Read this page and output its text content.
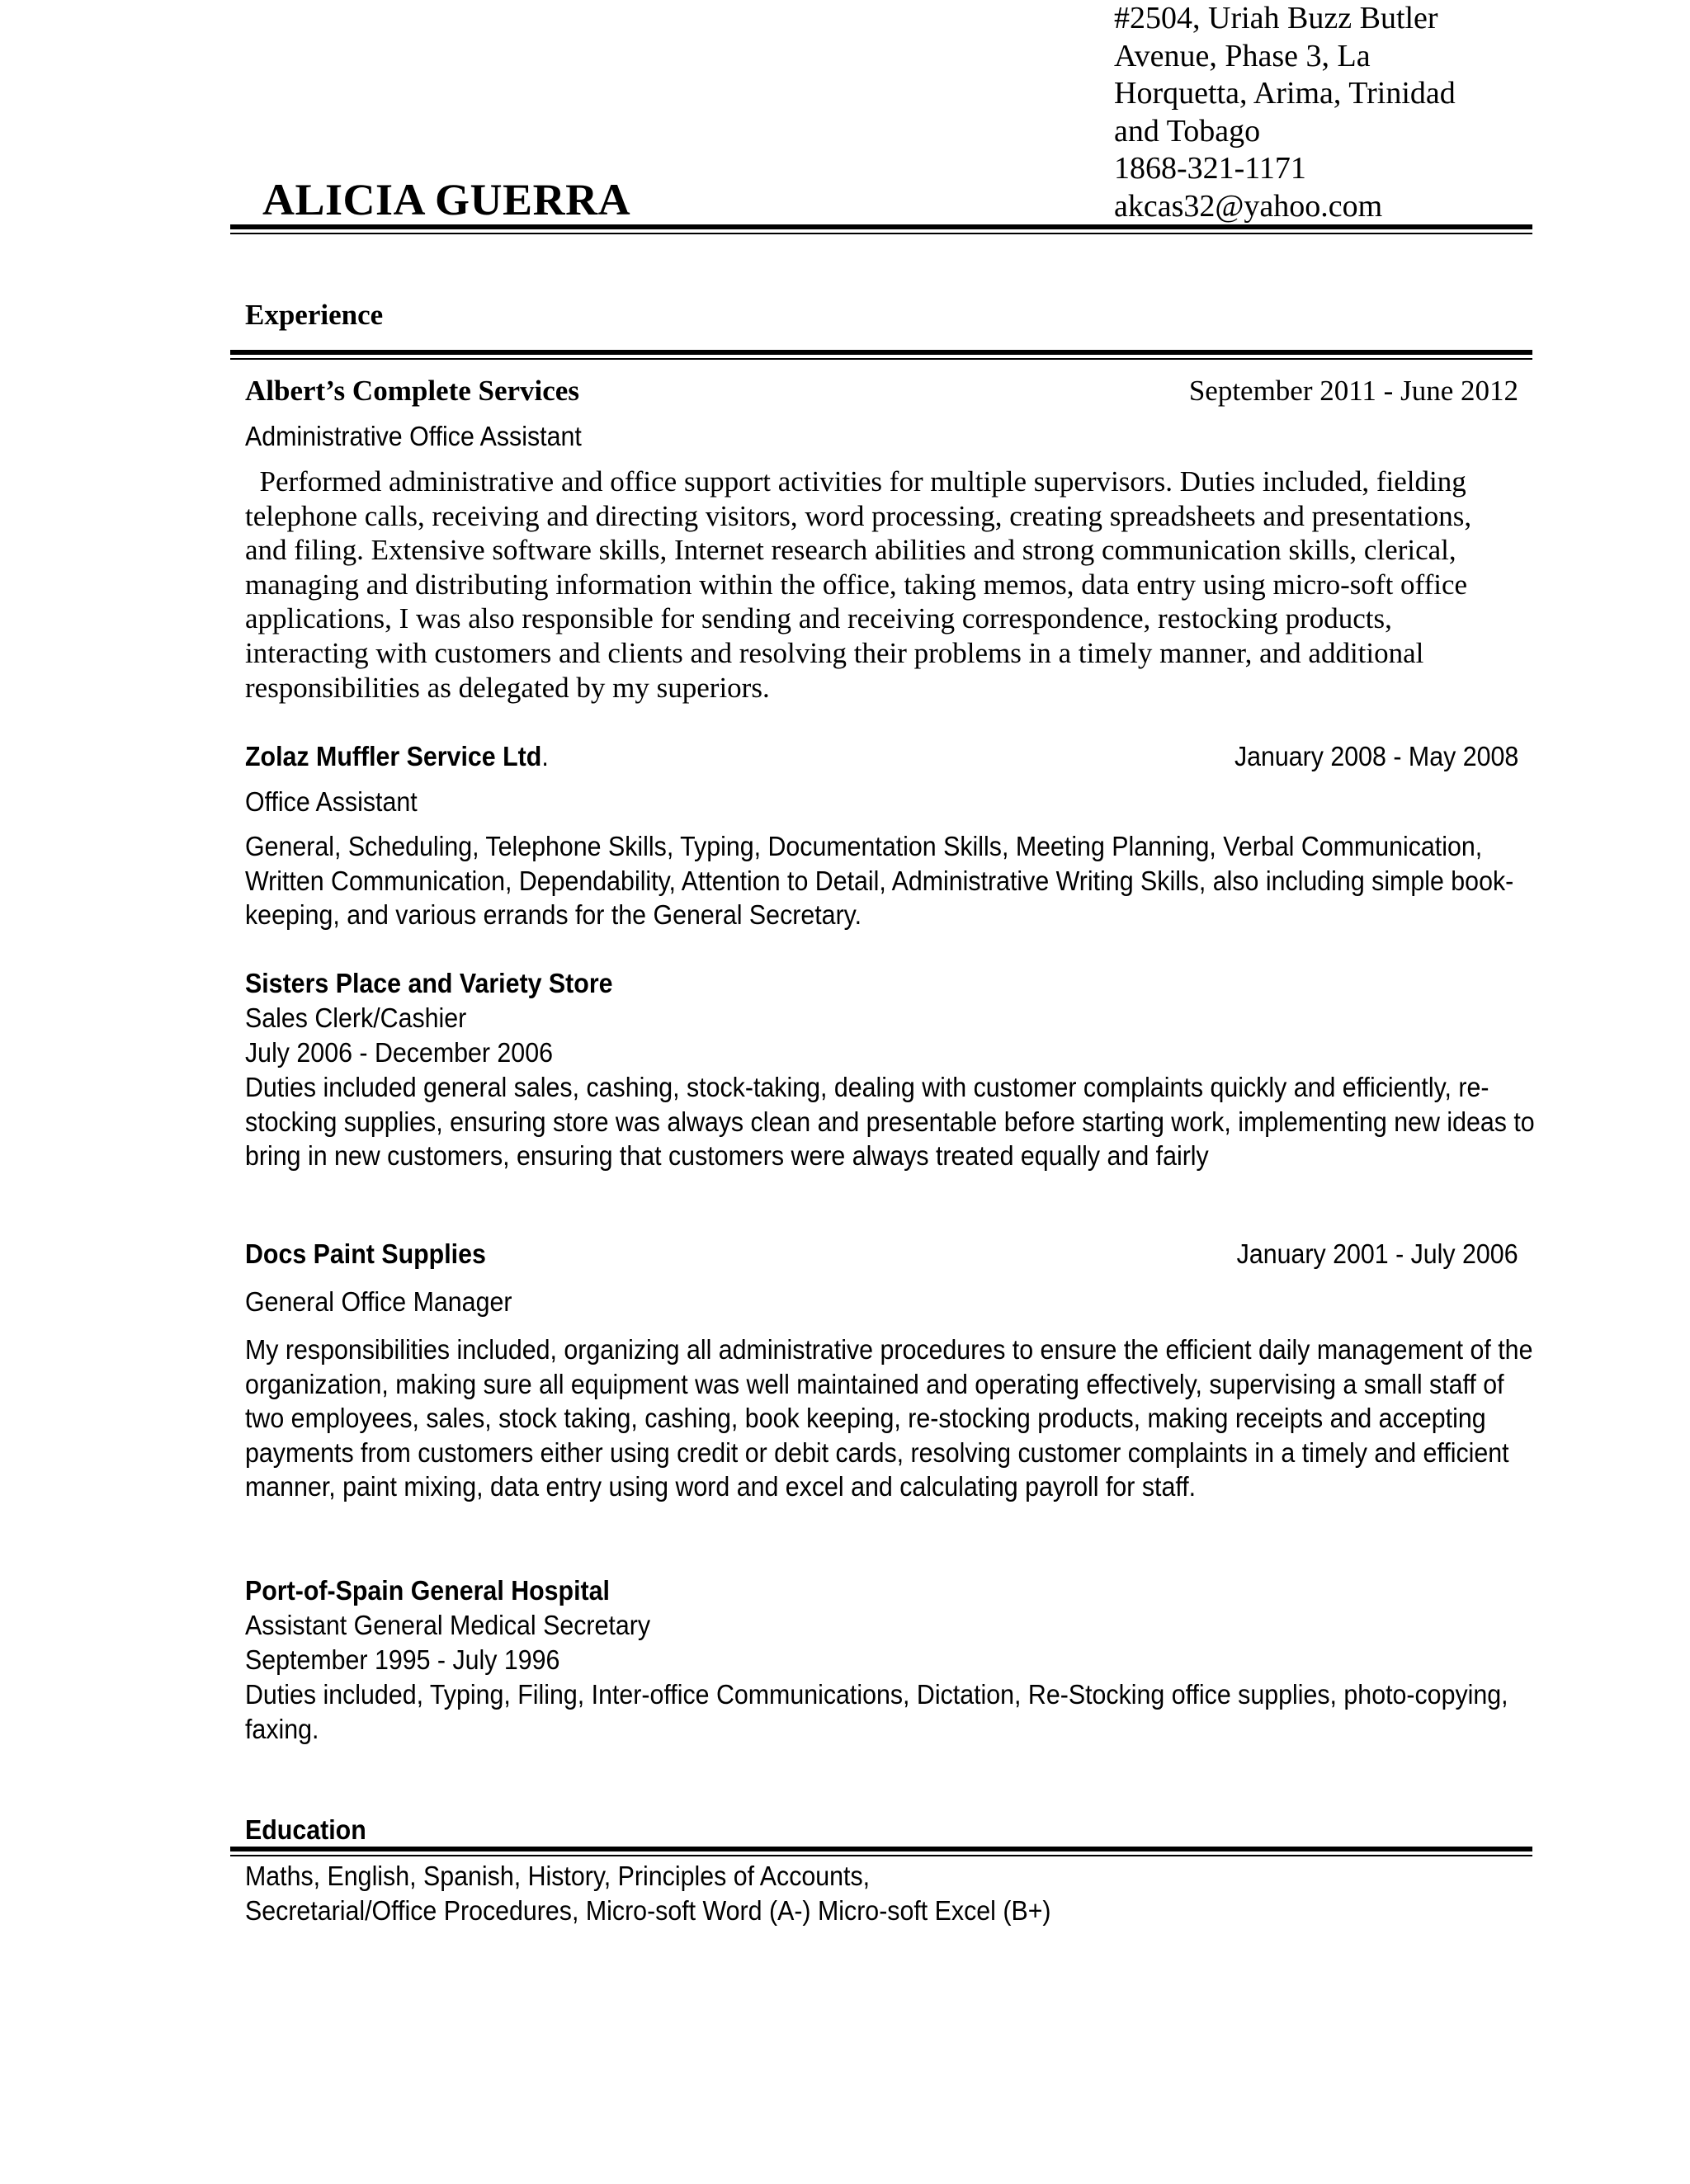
#2504, Uriah Buzz Butler
Avenue, Phase 3, La
Horquetta, Arima, Trinidad
and Tobago
1868-321-1171
akcas32@yahoo.com
ALICIA GUERRA
Experience
Albert’s Complete Services	September 2011 - June 2012
Administrative Office Assistant
Performed administrative and office support activities for multiple supervisors. Duties included, fielding
telephone calls, receiving and directing visitors, word processing, creating spreadsheets and presentations,
and filing. Extensive software skills, Internet research abilities and strong communication skills, clerical,
managing and distributing information within the office, taking memos, data entry using micro-soft office
applications, I was also responsible for sending and receiving correspondence, restocking products,
interacting with customers and clients and resolving their problems in a timely manner, and additional
responsibilities as delegated by my superiors.
Zolaz Muffler Service Ltd.	January 2008 - May 2008
Office Assistant
General, Scheduling, Telephone Skills, Typing, Documentation Skills, Meeting Planning, Verbal Communication,
Written Communication, Dependability, Attention to Detail, Administrative Writing Skills, also including simple book-
keeping, and various errands for the General Secretary.
Sisters Place and Variety Store
Sales Clerk/Cashier
July 2006 - December 2006
Duties included general sales, cashing, stock-taking, dealing with customer complaints quickly and efficiently, re-
stocking supplies, ensuring store was always clean and presentable before starting work, implementing new ideas to
bring in new customers, ensuring that customers were always treated equally and fairly
Docs Paint Supplies	January 2001 - July 2006
General Office Manager
My responsibilities included, organizing all administrative procedures to ensure the efficient daily management of the
organization, making sure all equipment was well maintained and operating effectively, supervising a small staff of
two employees, sales, stock taking, cashing, book keeping, re-stocking products, making receipts and accepting
payments from customers either using credit or debit cards, resolving customer complaints in a timely and efficient
manner, paint mixing, data entry using word and excel and calculating payroll for staff.
Port-of-Spain General Hospital
Assistant General Medical Secretary
September 1995 - July 1996
Duties included, Typing, Filing, Inter-office Communications, Dictation, Re-Stocking office supplies, photo-copying,
faxing.
Education
Maths, English, Spanish, History, Principles of Accounts,
Secretarial/Office Procedures, Micro-soft Word (A-) Micro-soft Excel (B+)
